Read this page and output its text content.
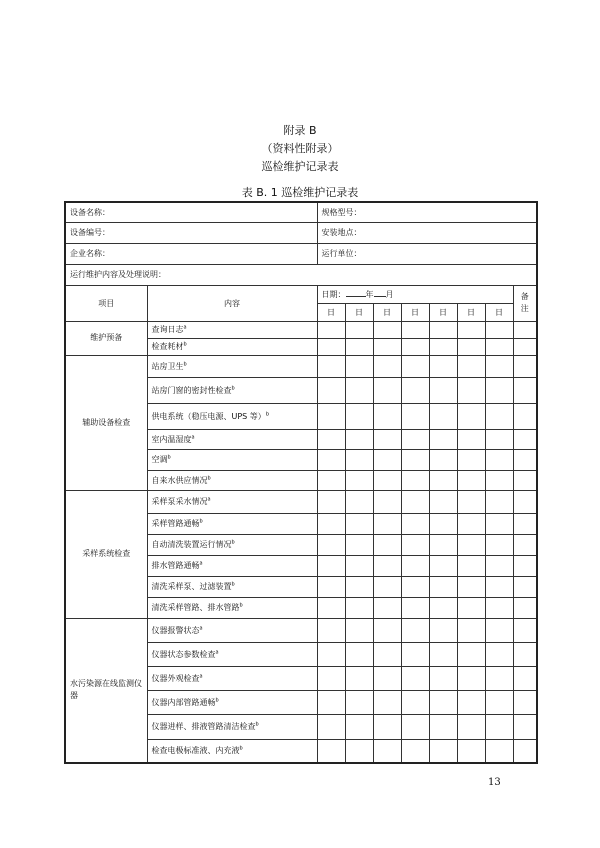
附录 B
（资料性附录）
巡检维护记录表
表 B. 1 巡检维护记录表
设备名称：		规格型号：							
设备编号：		安装地点：							
企业名称：		运行单位：							
运行维护内容及处理说明：									
项目	内容	日期： 年 月							备注
		日	日	日	日	日	日	日	
维护预备	查询日志$^a$								
	检查耗材$^b$								
辅助设备检查	站房卫生$^b$								
	站房门窗的密封性检查$^b$								
	供电系统（稳压电源、UPS 等）$^b$								
	室内温湿度$^a$								
	空调$^b$								
	自来水供应情况$^b$								
采样系统检查	采样泵采水情况$^a$								
	采样管路通畅$^b$								
	自动清洗装置运行情况$^b$								
	排水管路通畅$^a$								
	清洗采样泵、过滤装置$^b$								
	清洗采样管路、排水管路$^b$								
水污染源在线监测仪器	仪器报警状态$^a$								
	仪器状态参数检查$^a$								
	仪器外观检查$^a$								
	仪器内部管路通畅$^b$								
	仪器进样、排液管路清洁检查$^b$								
	检查电极标准液、内充液$^b$								
13
